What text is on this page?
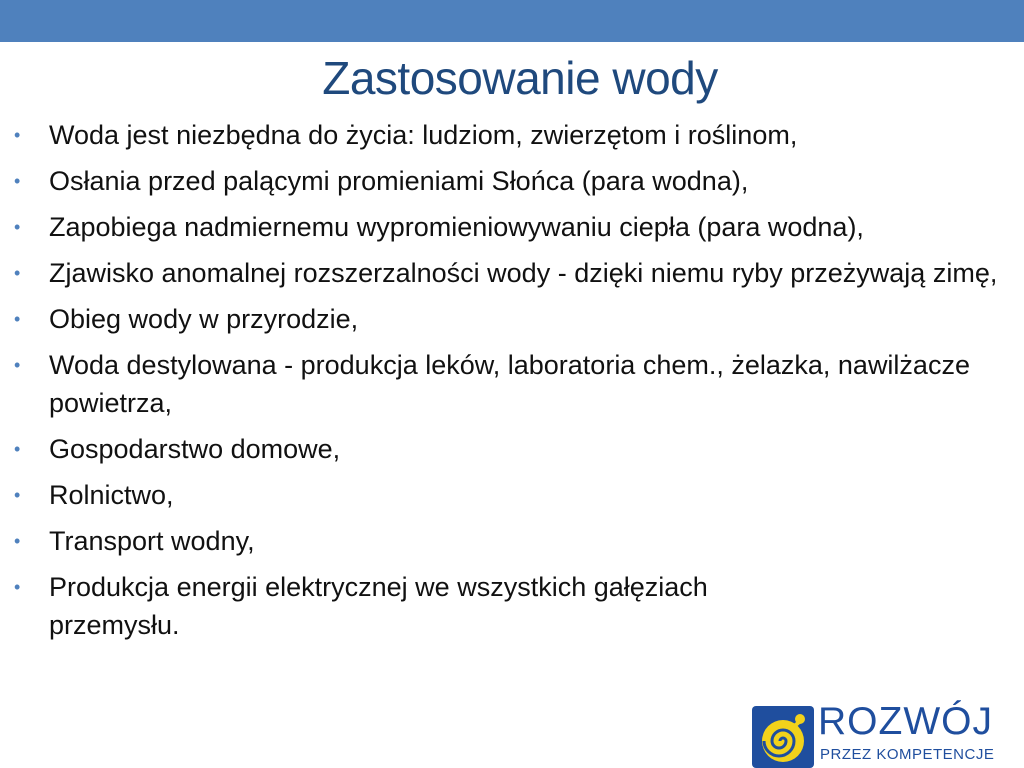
Zastosowanie wody
• Woda jest niezbędna do życia: ludziom, zwierzętom i roślinom,
• Osłania przed palącymi promieniami Słońca (para wodna),
• Zapobiega nadmiernemu wypromieniowywaniu ciepła (para wodna),
• Zjawisko anomalnej rozszerzalności wody - dzięki niemu ryby przeżywają zimę,
• Obieg wody w przyrodzie,
• Woda destylowana - produkcja leków, laboratoria chem., żelazka, nawilżacze powietrza,
• Gospodarstwo domowe,
• Rolnictwo,
• Transport wodny,
• Produkcja energii elektrycznej we wszystkich gałęziach przemysłu.
ROZWÓJ
PRZEZ KOMPETENCJE
